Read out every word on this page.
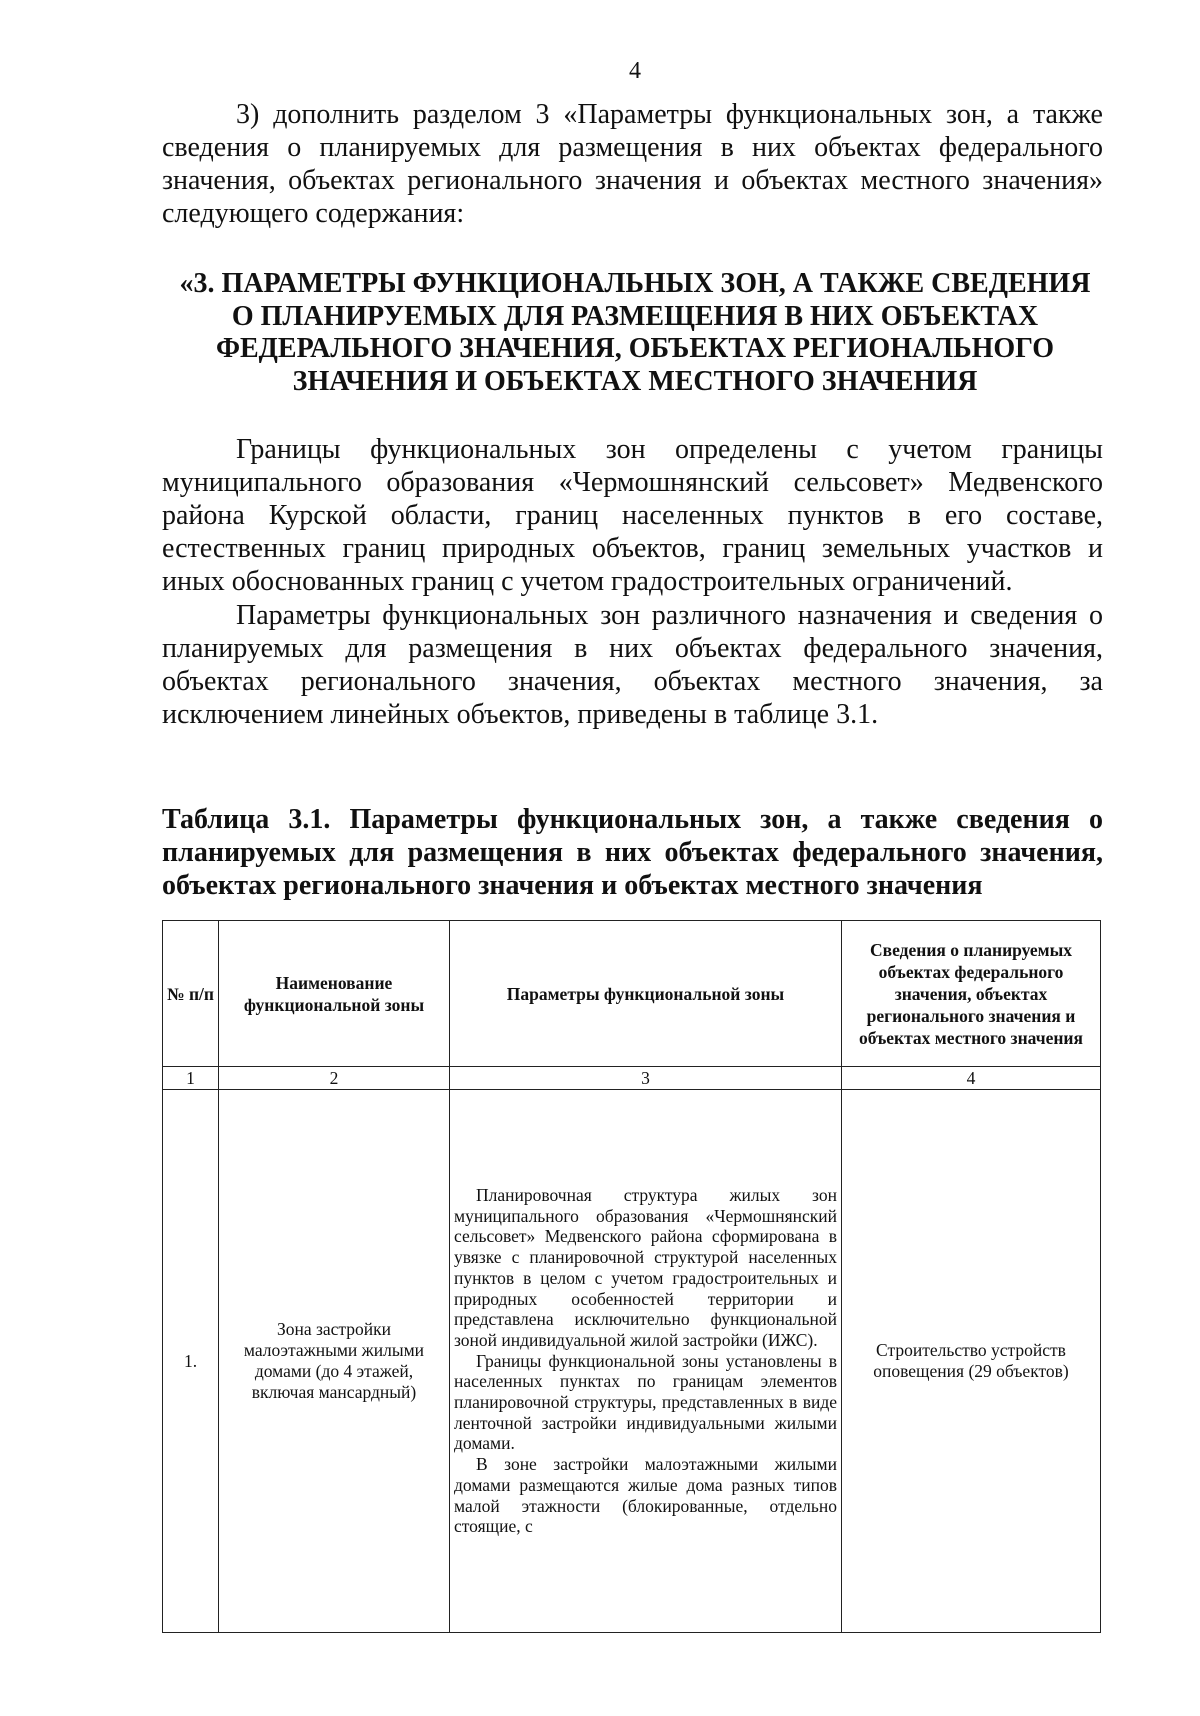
4

3) дополнить разделом 3 «Параметры функциональных зон, а также сведения о планируемых для размещения в них объектах федерального значения, объектах регионального значения и объектах местного значения» следующего содержания:

«3. ПАРАМЕТРЫ ФУНКЦИОНАЛЬНЫХ ЗОН, А ТАКЖЕ СВЕДЕНИЯ О ПЛАНИРУЕМЫХ ДЛЯ РАЗМЕЩЕНИЯ В НИХ ОБЪЕКТАХ ФЕДЕРАЛЬНОГО ЗНАЧЕНИЯ, ОБЪЕКТАХ РЕГИОНАЛЬНОГО ЗНАЧЕНИЯ И ОБЪЕКТАХ МЕСТНОГО ЗНАЧЕНИЯ

Границы функциональных зон определены с учетом границы муниципального образования «Чермошнянский сельсовет» Медвенского района Курской области, границ населенных пунктов в его составе, естественных границ природных объектов, границ земельных участков и иных обоснованных границ с учетом градостроительных ограничений.

Параметры функциональных зон различного назначения и сведения о планируемых для размещения в них объектах федерального значения, объектах регионального значения, объектах местного значения, за исключением линейных объектов, приведены в таблице 3.1.

Таблица 3.1. Параметры функциональных зон, а также сведения о планируемых для размещения в них объектах федерального значения, объектах регионального значения и объектах местного значения

№ п/п	Наименование функциональной зоны	Параметры функциональной зоны	Сведения о планируемых объектах федерального значения, объектах регионального значения и объектах местного значения
1	2	3	4
1.	Зона застройки малоэтажными жилыми домами (до 4 этажей, включая мансардный)	Планировочная структура жилых зон муниципального образования «Чермошнянский сельсовет» Медвенского района сформирована в увязке с планировочной структурой населенных пунктов в целом с учетом градостроительных и природных особенностей территории и представлена исключительно функциональной зоной индивидуальной жилой застройки (ИЖС).

Границы функциональной зоны установлены в населенных пунктах по границам элементов планировочной структуры, представленных в виде ленточной застройки индивидуальными жилыми домами.

В зоне застройки малоэтажными жилыми домами размещаются жилые дома разных типов малой этажности (блокированные, отдельно стоящие, с	Строительство устройств оповещения (29 объектов)
